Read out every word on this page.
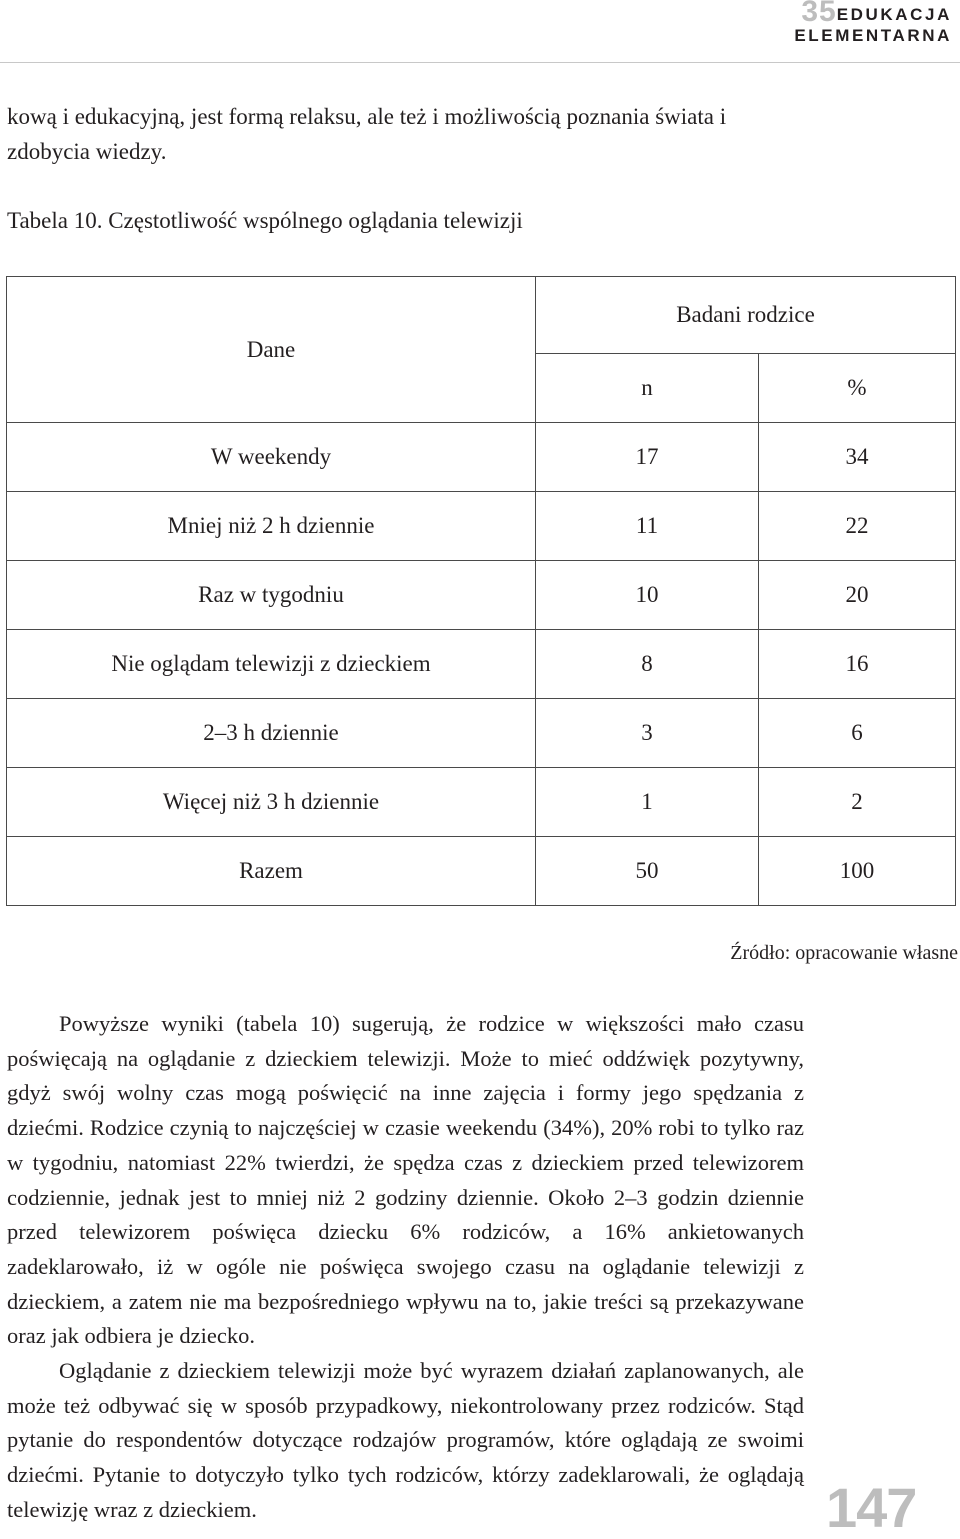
35EDUKACJA
ELEMENTARNA

kową i edukacyjną, jest formą relaksu, ale też i możliwością poznania świata i zdobycia wiedzy.

Tabela 10. Częstotliwość wspólnego oglądania telewizji
Dane	Badani rodzice	
	n	%
W weekendy	17	34
Mniej niż 2 h dziennie	11	22
Raz w tygodniu	10	20
Nie oglądam telewizji z dzieckiem	8	16
2–3 h dziennie	3	6
Więcej niż 3 h dziennie	1	2
Razem	50	100
Źródło: opracowanie własne

Powyższe wyniki (tabela 10) sugerują, że rodzice w większości mało czasu poświęcają na oglądanie z dzieckiem telewizji. Może to mieć oddźwięk pozytywny, gdyż swój wolny czas mogą poświęcić na inne zajęcia i formy jego spędzania z dziećmi. Rodzice czynią to najczęściej w czasie weekendu (34%), 20% robi to tylko raz w tygodniu, natomiast 22% twierdzi, że spędza czas z dzieckiem przed telewizorem codziennie, jednak jest to mniej niż 2 godziny dziennie. Około 2–3 godzin dziennie przed telewizorem poświęca dziecku 6% rodziców, a 16% ankietowanych zadeklarowało, iż w ogóle nie poświęca swojego czasu na oglądanie telewizji z dzieckiem, a zatem nie ma bezpośredniego wpływu na to, jakie treści są przekazywane oraz jak odbiera je dziecko.

Oglądanie z dzieckiem telewizji może być wyrazem działań zaplanowanych, ale może też odbywać się w sposób przypadkowy, niekontrolowany przez rodziców. Stąd pytanie do respondentów dotyczące rodzajów programów, które oglądają ze swoimi dziećmi. Pytanie to dotyczyło tylko tych rodziców, którzy zadeklarowali, że oglądają telewizję wraz z dzieckiem.	147
